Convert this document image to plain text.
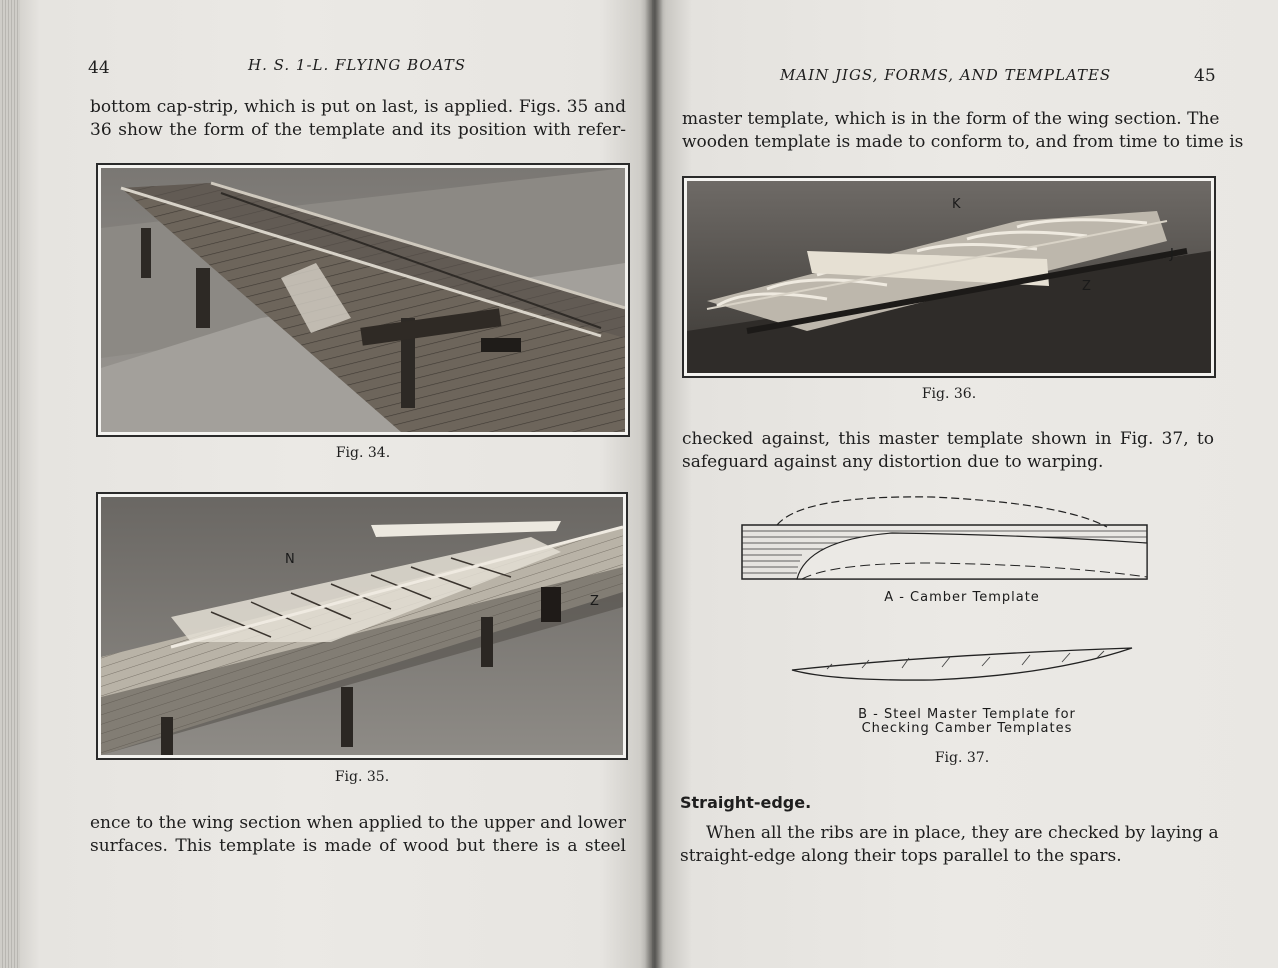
44	H. S. 1-L. FLYING BOATS
bottom cap-strip, which is put on last, is applied. Figs. 35 and
36 show the form of the template and its position with refer-
Fig. 34.
N
Z
Fig. 35.
ence to the wing section when applied to the upper and lower
surfaces. This template is made of wood but there is a steel
MAIN JIGS, FORMS, AND TEMPLATES	45
master template, which is in the form of the wing section. The
wooden template is made to conform to, and from time to time is
K
J
Z
Fig. 36.
checked against, this master template shown in Fig. 37, to
safeguard against any distortion due to warping.
A - Camber Template
B - Steel Master Template for
Checking Camber Templates
Fig. 37.
Straight-edge.
When all the ribs are in place, they are checked by laying a
straight-edge along their tops parallel to the spars.
